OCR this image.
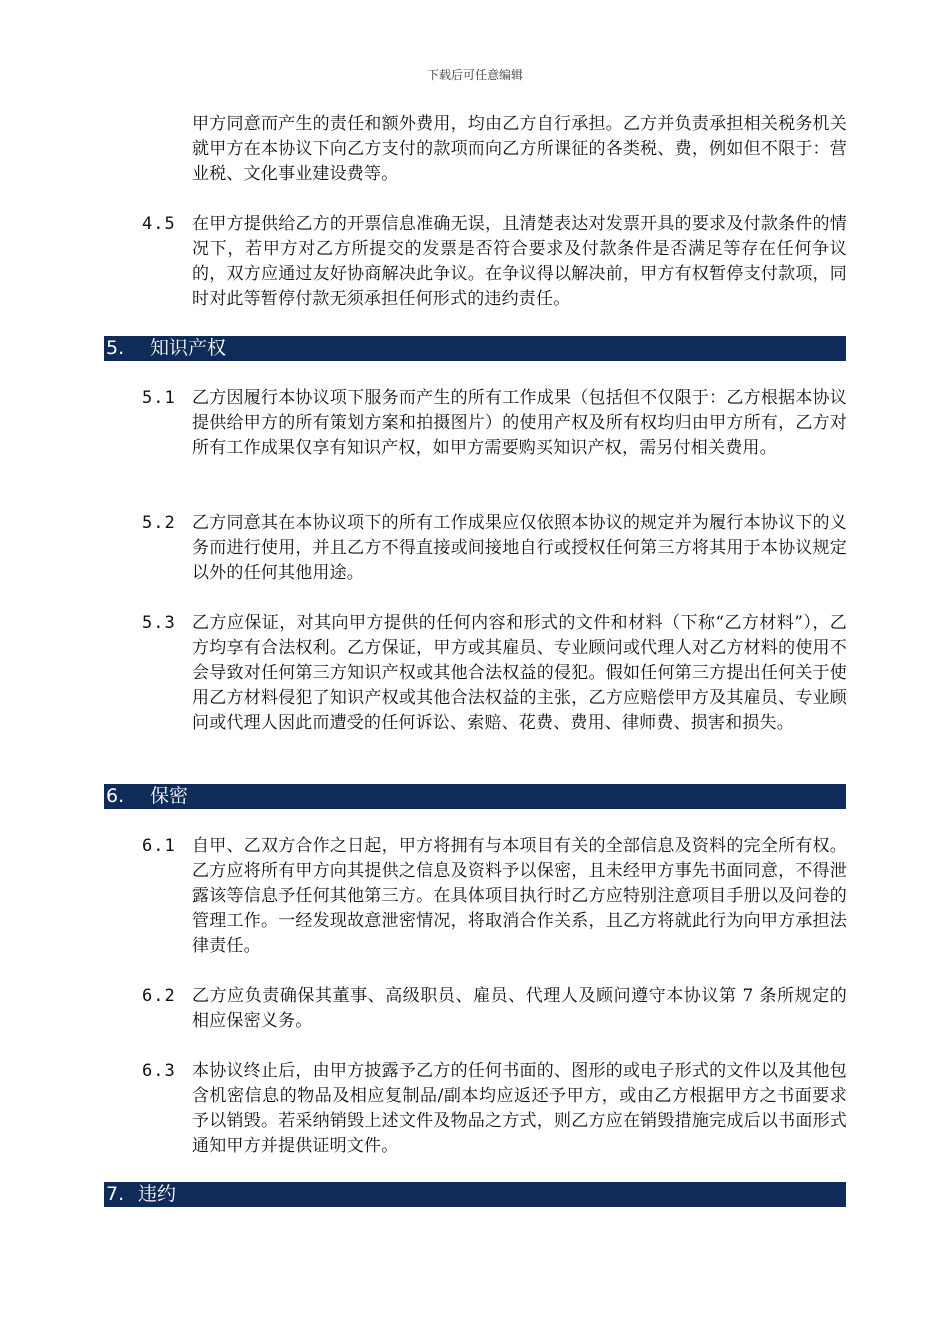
下载后可任意编辑
甲方同意而产生的责任和额外费用，均由乙方自行承担。乙方并负责承担相关税务机关就甲方在本协议下向乙方支付的款项而向乙方所课征的各类税、费，例如但不限于：营业税、文化事业建设费等。
4.5 在甲方提供给乙方的开票信息准确无误，且清楚表达对发票开具的要求及付款条件的情况下，若甲方对乙方所提交的发票是否符合要求及付款条件是否满足等存在任何争议的，双方应通过友好协商解决此争议。在争议得以解决前，甲方有权暂停支付款项，同时对此等暂停付款无须承担任何形式的违约责任。
5. 知识产权
5.1 乙方因履行本协议项下服务而产生的所有工作成果（包括但不仅限于：乙方根据本协议提供给甲方的所有策划方案和拍摄图片）的使用产权及所有权均归由甲方所有，乙方对所有工作成果仅享有知识产权，如甲方需要购买知识产权，需另付相关费用。
5.2 乙方同意其在本协议项下的所有工作成果应仅依照本协议的规定并为履行本协议下的义务而进行使用，并且乙方不得直接或间接地自行或授权任何第三方将其用于本协议规定以外的任何其他用途。
5.3 乙方应保证，对其向甲方提供的任何内容和形式的文件和材料（下称“乙方材料”），乙方均享有合法权利。乙方保证，甲方或其雇员、专业顾问或代理人对乙方材料的使用不会导致对任何第三方知识产权或其他合法权益的侵犯。假如任何第三方提出任何关于使用乙方材料侵犯了知识产权或其他合法权益的主张，乙方应赔偿甲方及其雇员、专业顾问或代理人因此而遭受的任何诉讼、索赔、花费、费用、律师费、损害和损失。
6. 保密
6.1 自甲、乙双方合作之日起，甲方将拥有与本项目有关的全部信息及资料的完全所有权。乙方应将所有甲方向其提供之信息及资料予以保密，且未经甲方事先书面同意，不得泄露该等信息予任何其他第三方。在具体项目执行时乙方应特别注意项目手册以及问卷的管理工作。一经发现故意泄密情况，将取消合作关系，且乙方将就此行为向甲方承担法律责任。
6.2 乙方应负责确保其董事、高级职员、雇员、代理人及顾问遵守本协议第 7 条所规定的相应保密义务。
6.3 本协议终止后，由甲方披露予乙方的任何书面的、图形的或电子形式的文件以及其他包含机密信息的物品及相应复制品/副本均应返还予甲方，或由乙方根据甲方之书面要求予以销毁。若采纳销毁上述文件及物品之方式，则乙方应在销毁措施完成后以书面形式通知甲方并提供证明文件。
7. 违约
